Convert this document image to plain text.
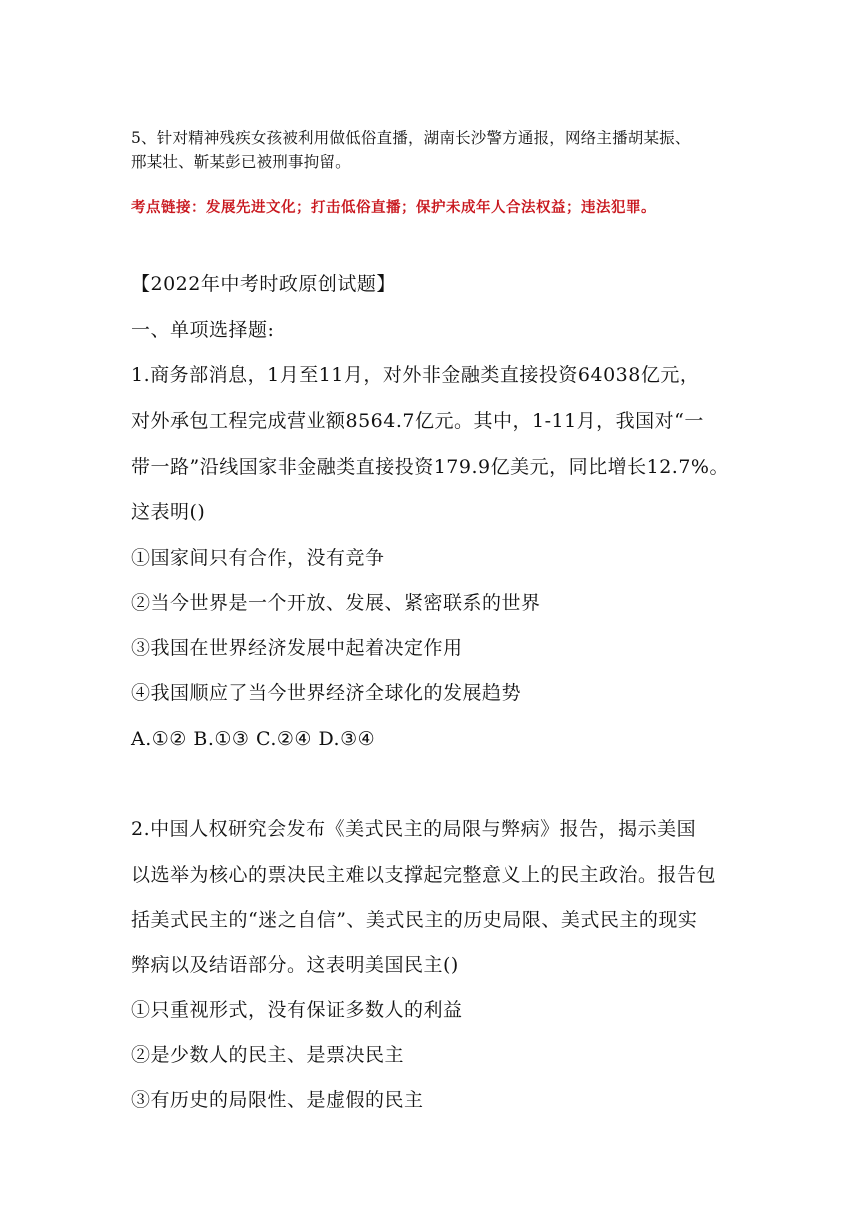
5、针对精神残疾女孩被利用做低俗直播，湖南长沙警方通报，网络主播胡某振、
邢某壮、靳某彭已被刑事拘留。
考点链接：发展先进文化；打击低俗直播；保护未成年人合法权益；违法犯罪。
【2022年中考时政原创试题】
一、单项选择题:
1.商务部消息，1月至11月，对外非金融类直接投资64038亿元，
对外承包工程完成营业额8564.7亿元。其中，1-11月，我国对“一
带一路”沿线国家非金融类直接投资179.9亿美元，同比增长12.7%。
这表明()
①国家间只有合作，没有竞争
②当今世界是一个开放、发展、紧密联系的世界
③我国在世界经济发展中起着决定作用
④我国顺应了当今世界经济全球化的发展趋势
A.①② B.①③ C.②④ D.③④
2.中国人权研究会发布《美式民主的局限与弊病》报告，揭示美国
以选举为核心的票决民主难以支撑起完整意义上的民主政治。报告包
括美式民主的“迷之自信”、美式民主的历史局限、美式民主的现实
弊病以及结语部分。这表明美国民主()
①只重视形式，没有保证多数人的利益
②是少数人的民主、是票决民主
③有历史的局限性、是虚假的民主
